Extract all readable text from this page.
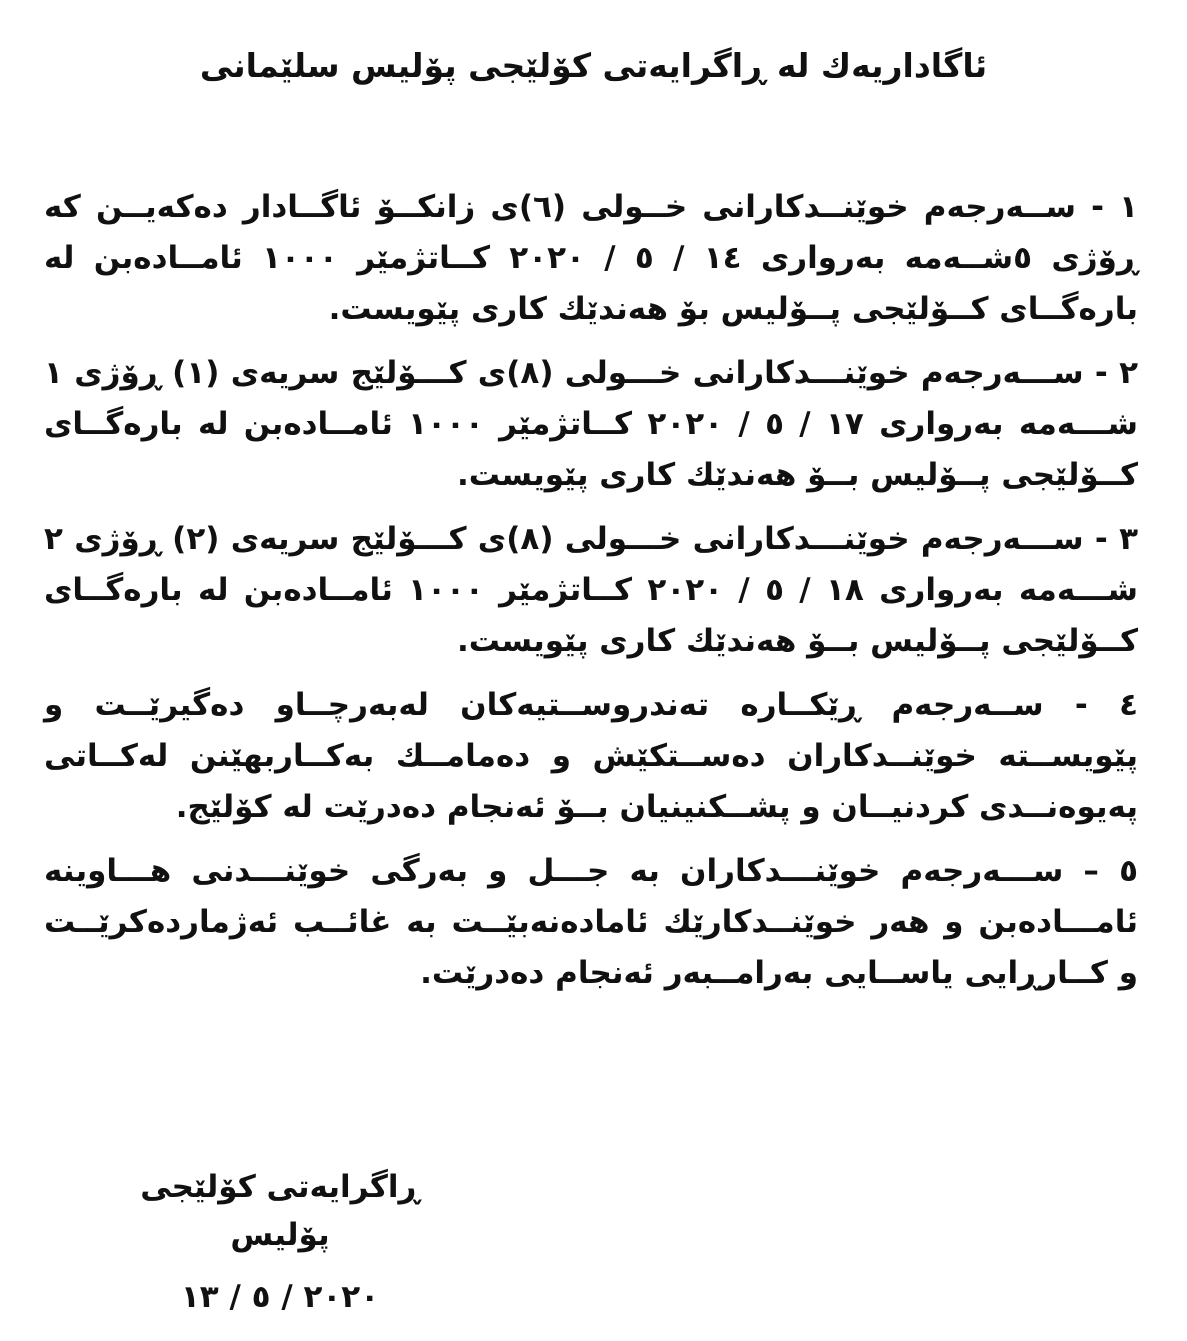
ئاگاداریەك لە ڕاگرایەتی كۆلێجی پۆلیس سلێمانی

١ - ســەرجەم خوێنــدكارانی خــولی (٦)ی زانكــۆ ئاگــادار دەكەیــن كە ڕۆژی ٥شــەمە بەرواری ١٤ / ٥ / ٢٠٢٠ كــاتژمێر ١٠٠٠ ئامــادەبن لە بارەگــای كــۆلێجی پــۆلیس بۆ هەندێك كاری پێویست.

٢ - ســـەرجەم خوێنـــدكارانی خـــولی (٨)ی كـــۆلێج سریەی (١) ڕۆژی ١ شـــەمە بەرواری ١٧ / ٥ / ٢٠٢٠ كــاتژمێر ١٠٠٠ ئامــادەبن لە بارەگــای كــۆلێجی پــۆلیس بــۆ هەندێك كاری پێویست.

٣ - ســـەرجەم خوێنـــدكارانی خـــولی (٨)ی كـــۆلێج سریەی (٢) ڕۆژی ٢ شـــەمە بەرواری ١٨ / ٥ / ٢٠٢٠ كــاتژمێر ١٠٠٠ ئامــادەبن لە بارەگــای كــۆلێجی پــۆلیس بــۆ هەندێك كاری پێویست.

٤ - ســەرجەم ڕێكــارە تەندروســتیەكان لەبەرچــاو دەگیرێــت و پێویســتە خوێنــدكاران دەســتكێش و دەمامــك بەكــاربهێنن لەكــاتی پەیوەنــدی كردنیــان و پشــكنینیان بــۆ ئەنجام دەدرێت لە كۆلێج.

٥ – ســـەرجەم خوێنـــدكاران بە جـــل و بەرگی خوێنـــدنی هـــاوینە ئامـــادەبن و هەر خوێنــدكارێك ئامادەنەبێــت بە غائــب ئەژماردەكرێــت و كــارڕایی یاســایی بەرامــبەر ئەنجام دەدرێت.

ڕاگرایەتی كۆلێجی پۆلیس

٢٠٢٠ / ٥ / ١٣
